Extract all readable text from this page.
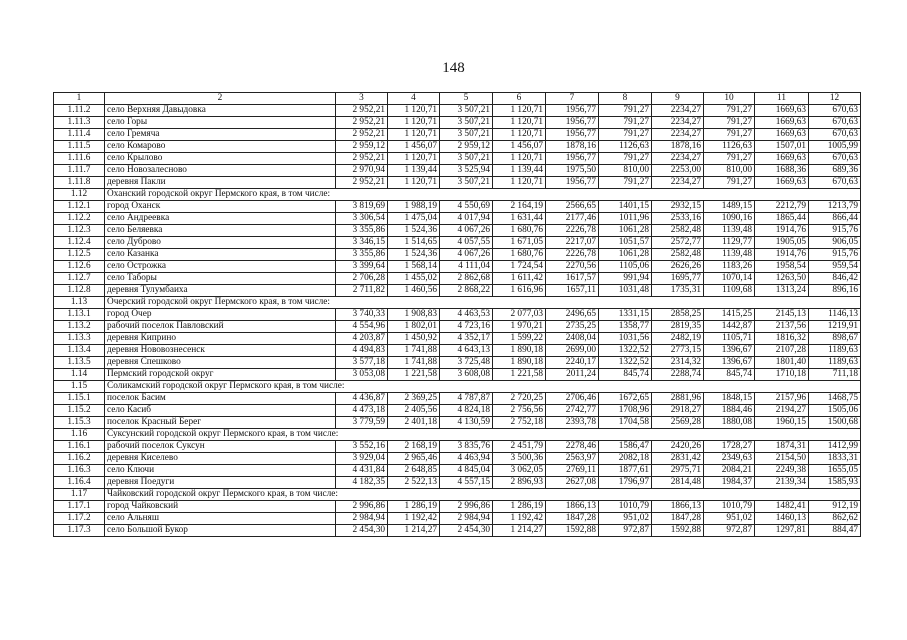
148
1	2	3	4	5	6	7	8	9	10	11	12
1.11.2	село Верхняя Давыдовка	2 952,21	1 120,71	3 507,21	1 120,71	1956,77	791,27	2234,27	791,27	1669,63	670,63
1.11.3	село Горы	2 952,21	1 120,71	3 507,21	1 120,71	1956,77	791,27	2234,27	791,27	1669,63	670,63
1.11.4	село Гремяча	2 952,21	1 120,71	3 507,21	1 120,71	1956,77	791,27	2234,27	791,27	1669,63	670,63
1.11.5	село Комарово	2 959,12	1 456,07	2 959,12	1 456,07	1878,16	1126,63	1878,16	1126,63	1507,01	1005,99
1.11.6	село Крылово	2 952,21	1 120,71	3 507,21	1 120,71	1956,77	791,27	2234,27	791,27	1669,63	670,63
1.11.7	село Новозалесново	2 970,94	1 139,44	3 525,94	1 139,44	1975,50	810,00	2253,00	810,00	1688,36	689,36
1.11.8	деревня Пакли	2 952,21	1 120,71	3 507,21	1 120,71	1956,77	791,27	2234,27	791,27	1669,63	670,63
1.12	Оханский городской округ Пермского края, в том числе:										
1.12.1	город Оханск	3 819,69	1 988,19	4 550,69	2 164,19	2566,65	1401,15	2932,15	1489,15	2212,79	1213,79
1.12.2	село Андреевка	3 306,54	1 475,04	4 017,94	1 631,44	2177,46	1011,96	2533,16	1090,16	1865,44	866,44
1.12.3	село Беляевка	3 355,86	1 524,36	4 067,26	1 680,76	2226,78	1061,28	2582,48	1139,48	1914,76	915,76
1.12.4	село Дуброво	3 346,15	1 514,65	4 057,55	1 671,05	2217,07	1051,57	2572,77	1129,77	1905,05	906,05
1.12.5	село Казанка	3 355,86	1 524,36	4 067,26	1 680,76	2226,78	1061,28	2582,48	1139,48	1914,76	915,76
1.12.6	село Острожка	3 399,64	1 568,14	4 111,04	1 724,54	2270,56	1105,06	2626,26	1183,26	1958,54	959,54
1.12.7	село Таборы	2 706,28	1 455,02	2 862,68	1 611,42	1617,57	991,94	1695,77	1070,14	1263,50	846,42
1.12.8	деревня Тулумбаиха	2 711,82	1 460,56	2 868,22	1 616,96	1657,11	1031,48	1735,31	1109,68	1313,24	896,16
1.13	Очерский городской округ Пермского края, в том числе:										
1.13.1	город Очер	3 740,33	1 908,83	4 463,53	2 077,03	2496,65	1331,15	2858,25	1415,25	2145,13	1146,13
1.13.2	рабочий поселок Павловский	4 554,96	1 802,01	4 723,16	1 970,21	2735,25	1358,77	2819,35	1442,87	2137,56	1219,91
1.13.3	деревня Киприно	4 203,87	1 450,92	4 352,17	1 599,22	2408,04	1031,56	2482,19	1105,71	1816,32	898,67
1.13.4	деревня Нововознесенск	4 494,83	1 741,88	4 643,13	1 890,18	2699,00	1322,52	2773,15	1396,67	2107,28	1189,63
1.13.5	деревня Спешково	3 577,18	1 741,88	3 725,48	1 890,18	2240,17	1322,52	2314,32	1396,67	1801,40	1189,63
1.14	Пермский городской округ	3 053,08	1 221,58	3 608,08	1 221,58	2011,24	845,74	2288,74	845,74	1710,18	711,18
1.15	Соликамский городской округ Пермского края, в том числе:										
1.15.1	поселок Басим	4 436,87	2 369,25	4 787,87	2 720,25	2706,46	1672,65	2881,96	1848,15	2157,96	1468,75
1.15.2	село Касиб	4 473,18	2 405,56	4 824,18	2 756,56	2742,77	1708,96	2918,27	1884,46	2194,27	1505,06
1.15.3	поселок Красный Берег	3 779,59	2 401,18	4 130,59	2 752,18	2393,78	1704,58	2569,28	1880,08	1960,15	1500,68
1.16	Суксунский городской округ Пермского края, в том числе:										
1.16.1	рабочий поселок Суксун	3 552,16	2 168,19	3 835,76	2 451,79	2278,46	1586,47	2420,26	1728,27	1874,31	1412,99
1.16.2	деревня Киселево	3 929,04	2 965,46	4 463,94	3 500,36	2563,97	2082,18	2831,42	2349,63	2154,50	1833,31
1.16.3	село Ключи	4 431,84	2 648,85	4 845,04	3 062,05	2769,11	1877,61	2975,71	2084,21	2249,38	1655,05
1.16.4	деревня Поедуги	4 182,35	2 522,13	4 557,15	2 896,93	2627,08	1796,97	2814,48	1984,37	2139,34	1585,93
1.17	Чайковский городской округ Пермского края, в том числе:										
1.17.1	город Чайковский	2 996,86	1 286,19	2 996,86	1 286,19	1866,13	1010,79	1866,13	1010,79	1482,41	912,19
1.17.2	село Альняш	2 984,94	1 192,42	2 984,94	1 192,42	1847,28	951,02	1847,28	951,02	1460,13	862,62
1.17.3	село Большой Букор	2 454,30	1 214,27	2 454,30	1 214,27	1592,88	972,87	1592,88	972,87	1297,81	884,47
